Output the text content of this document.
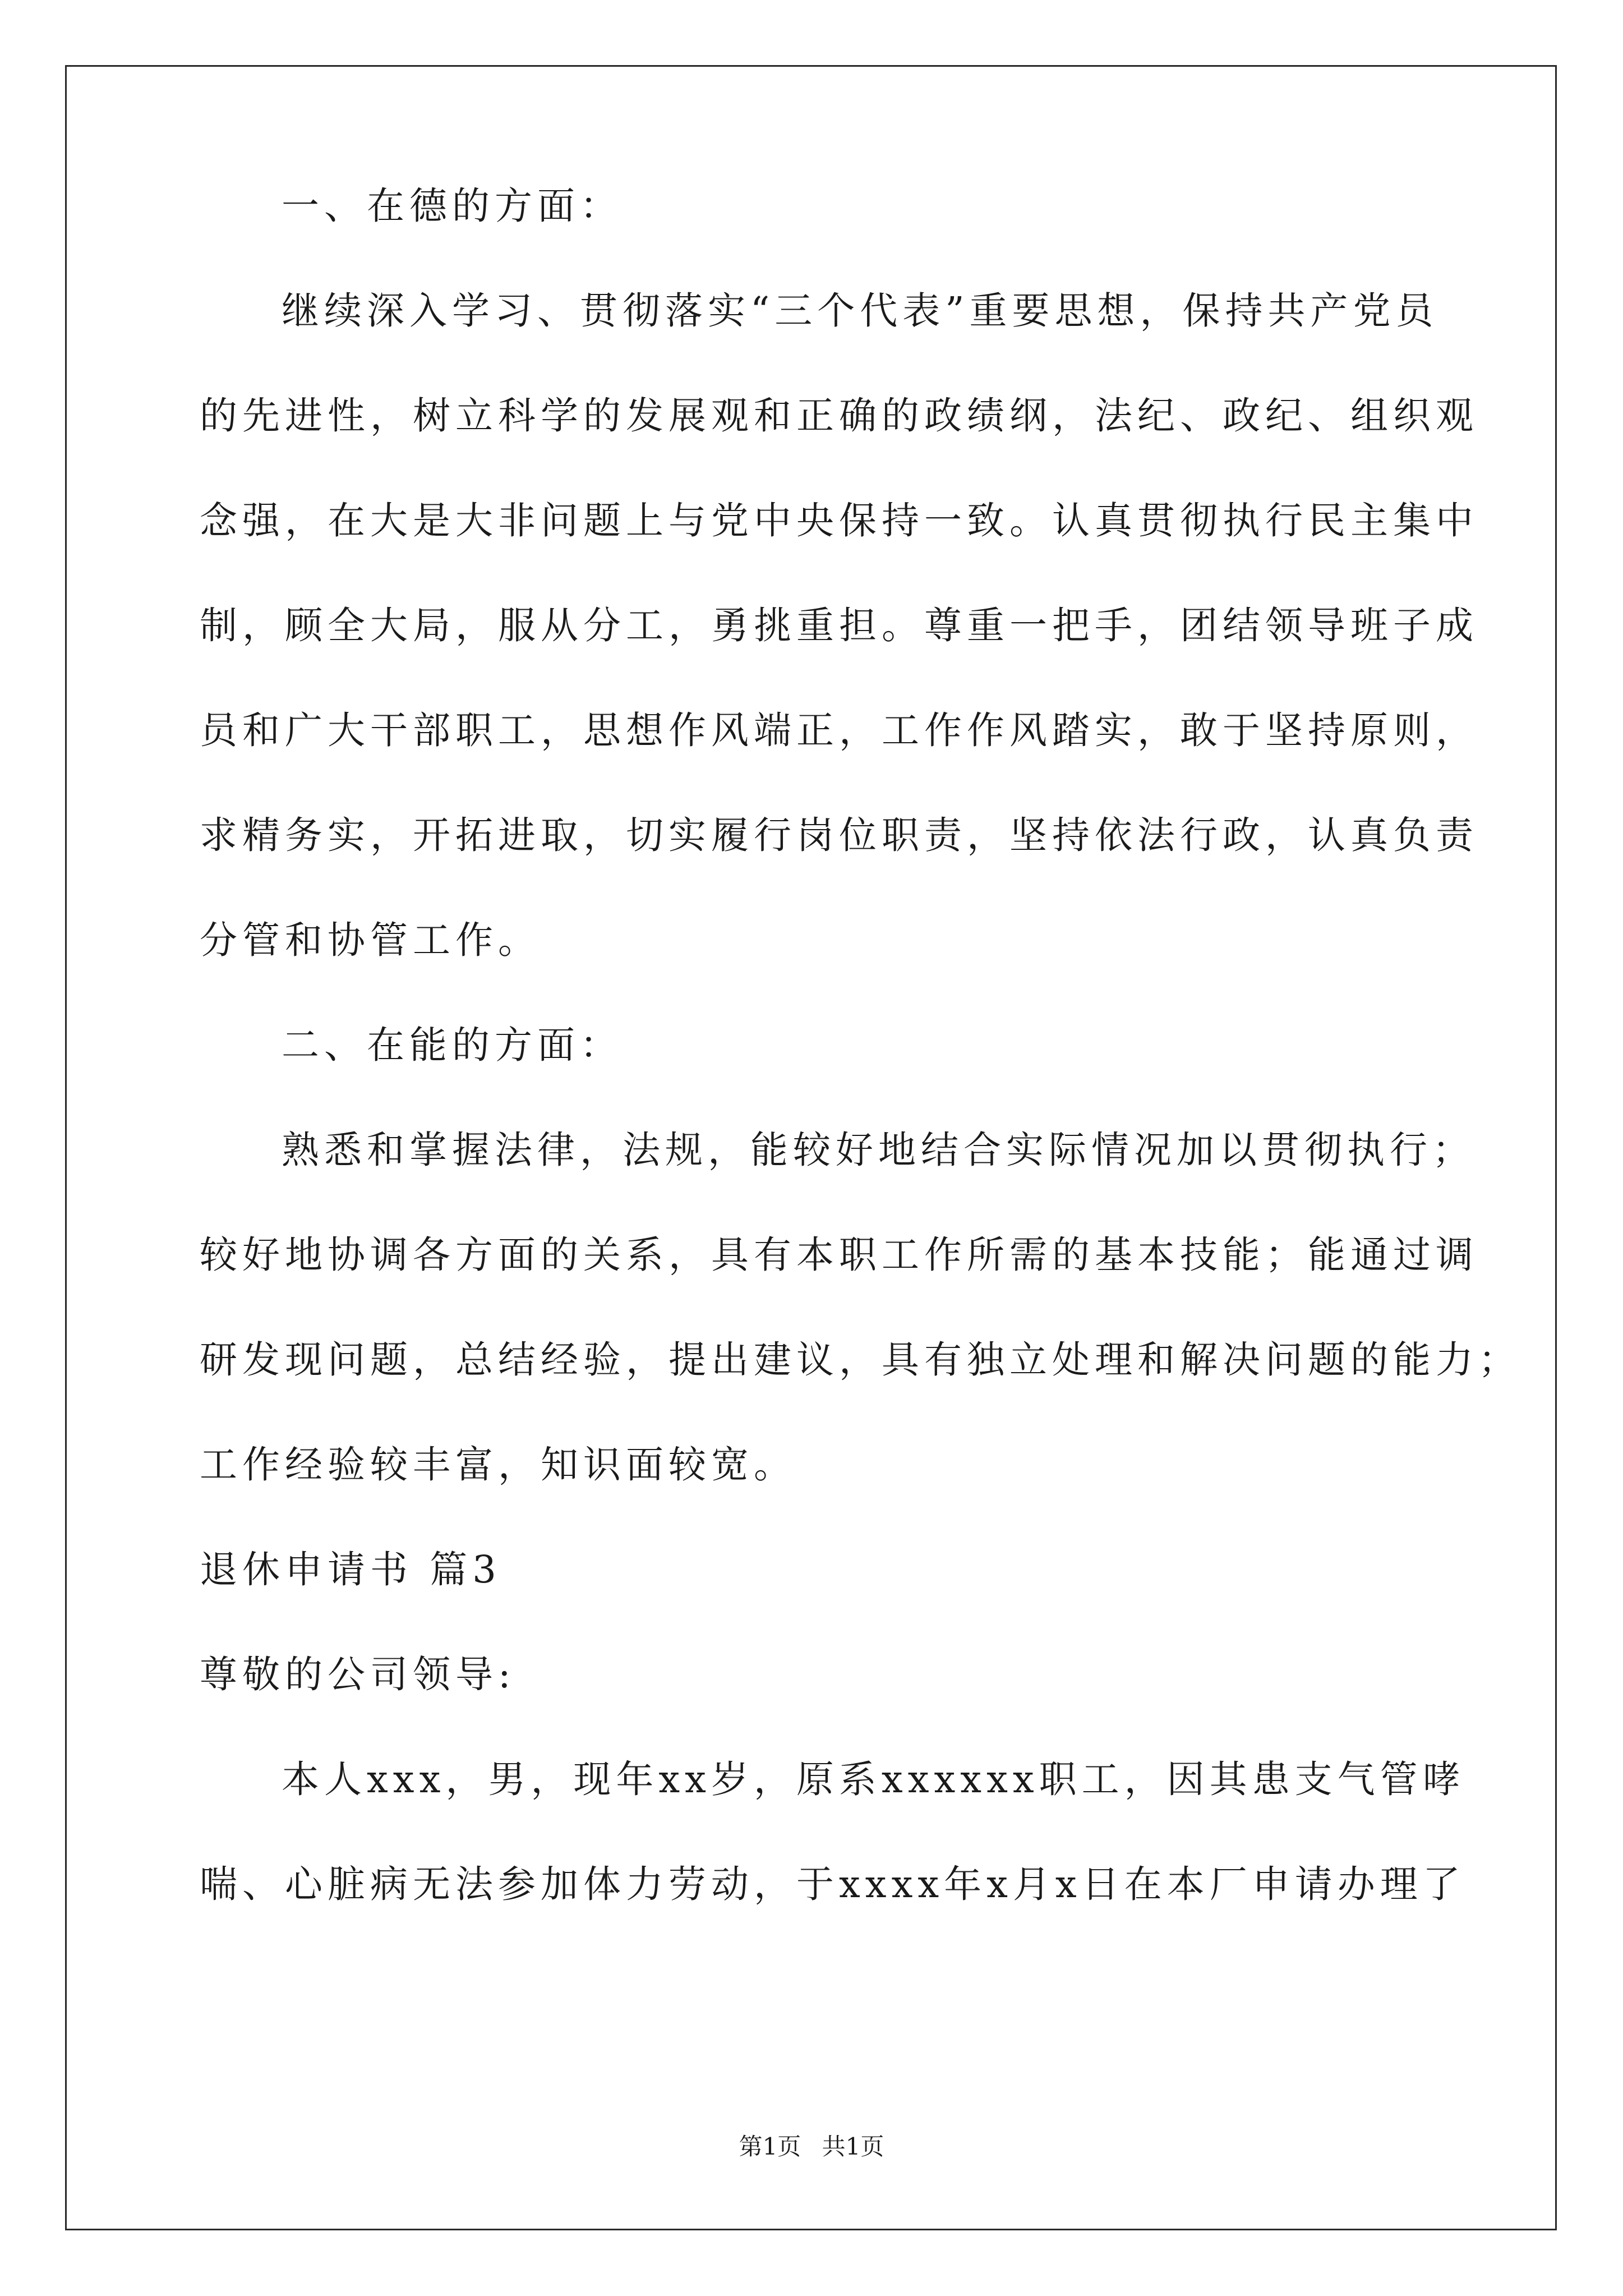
一、在德的方面：

继续深入学习、贯彻落实“三个代表”重要思想，保持共产党员

的先进性，树立科学的发展观和正确的政绩纲，法纪、政纪、组织观

念强，在大是大非问题上与党中央保持一致。认真贯彻执行民主集中

制，顾全大局，服从分工，勇挑重担。尊重一把手，团结领导班子成

员和广大干部职工，思想作风端正，工作作风踏实，敢于坚持原则，

求精务实，开拓进取，切实履行岗位职责，坚持依法行政，认真负责

分管和协管工作。

二、在能的方面：

熟悉和掌握法律，法规，能较好地结合实际情况加以贯彻执行；

较好地协调各方面的关系，具有本职工作所需的基本技能；能通过调

研发现问题，总结经验，提出建议，具有独立处理和解决问题的能力；

工作经验较丰富，知识面较宽。

退休申请书 篇3

尊敬的公司领导:

本人xxx，男，现年xx岁，原系xxxxxx职工，因其患支气管哮

喘、心脏病无法参加体力劳动，于xxxx年x月x日在本厂申请办理了

第1页 共1页
